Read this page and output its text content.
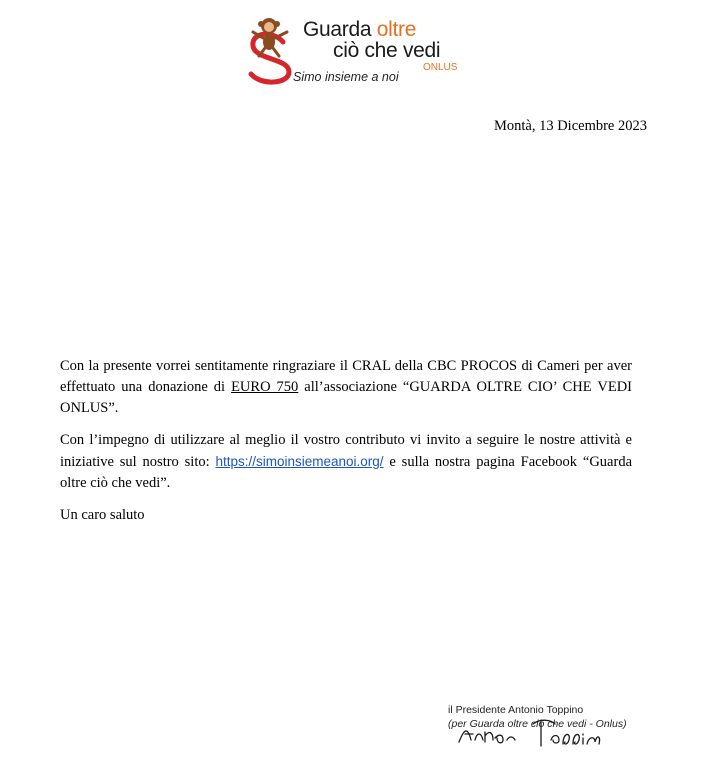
Guarda oltre
ciò che vedi
ONLUS
Simo insieme a noi
Montà, 13 Dicembre 2023

Con la presente vorrei sentitamente ringraziare il CRAL della CBC PROCOS di Cameri per aver effettuato una donazione di EURO 750 all’associazione “GUARDA OLTRE CIO’ CHE VEDI ONLUS”.

Con l’impegno di utilizzare al meglio il vostro contributo vi invito a seguire le nostre attività e iniziative sul nostro sito: https://simoinsiemeanoi.org/ e sulla nostra pagina Facebook “Guarda oltre ciò che vedi”.

Un caro saluto

il Presidente Antonio Toppino
(per Guarda oltre ciò che vedi - Onlus)
